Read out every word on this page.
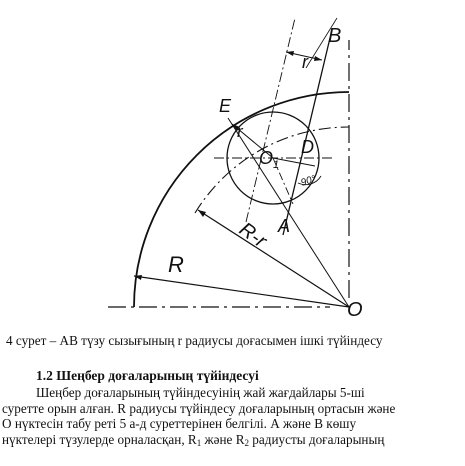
B
r
E
r
D
$O_1$
90°
A
R-r
R
O
4 сурет – AB түзу сызығының r радиусы доғасымен ішкі түйіндесу
1.2 Шеңбер доғаларының түйіндесуі
Шеңбер доғаларының түйіндесуінің жай жағдайлары 5-ші
суретте орын алған. R радиусы түйіндесу доғаларының ортасын және
О нүктесін табу реті 5 а-д суреттерінен белгілі. А және В көшу
нүктелері түзулерде орналасқан, $R_1$ және $R_2$ радиусты доғаларының
